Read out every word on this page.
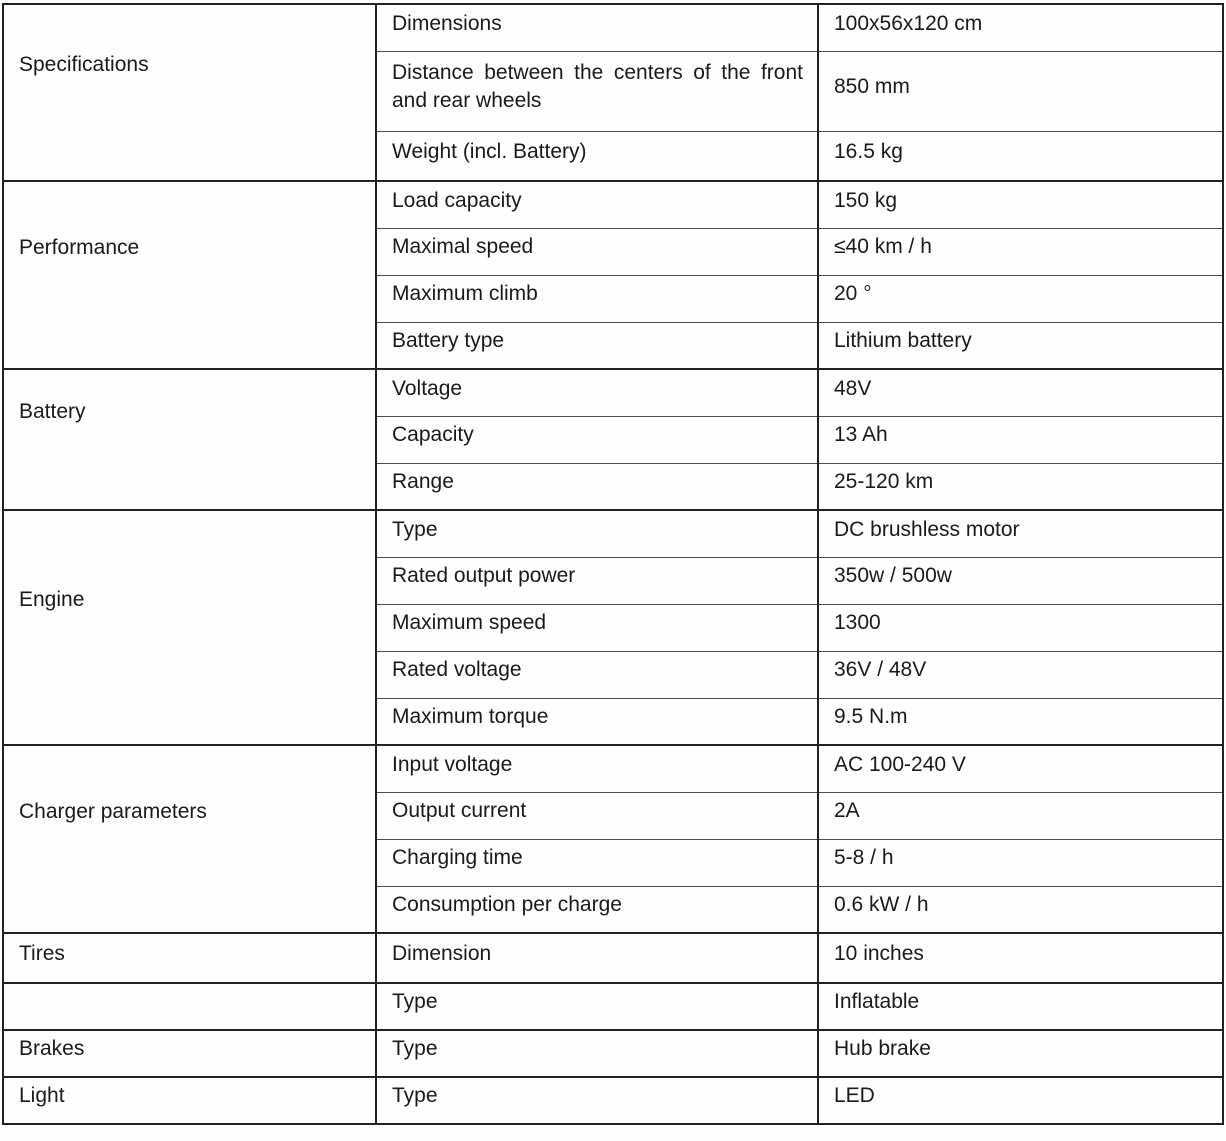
Specifications	Dimensions	100x56x120 cm
	Distance between the centers of the front and rear wheels	850 mm
	Weight (incl. Battery)	16.5 kg
Performance	Load capacity	150 kg
	Maximal speed	≤40 km / h
	Maximum climb	20 °
	Battery type	Lithium battery
Battery	Voltage	48V
	Capacity	13 Ah
	Range	25-120 km
Engine	Type	DC brushless motor
	Rated output power	350w / 500w
	Maximum speed	1300
	Rated voltage	36V / 48V
	Maximum torque	9.5 N.m
Charger parameters	Input voltage	AC 100-240 V
	Output current	2A
	Charging time	5-8 / h
	Consumption per charge	0.6 kW / h
Tires	Dimension	10 inches
	Type	Inflatable
Brakes	Type	Hub brake
Light	Type	LED
